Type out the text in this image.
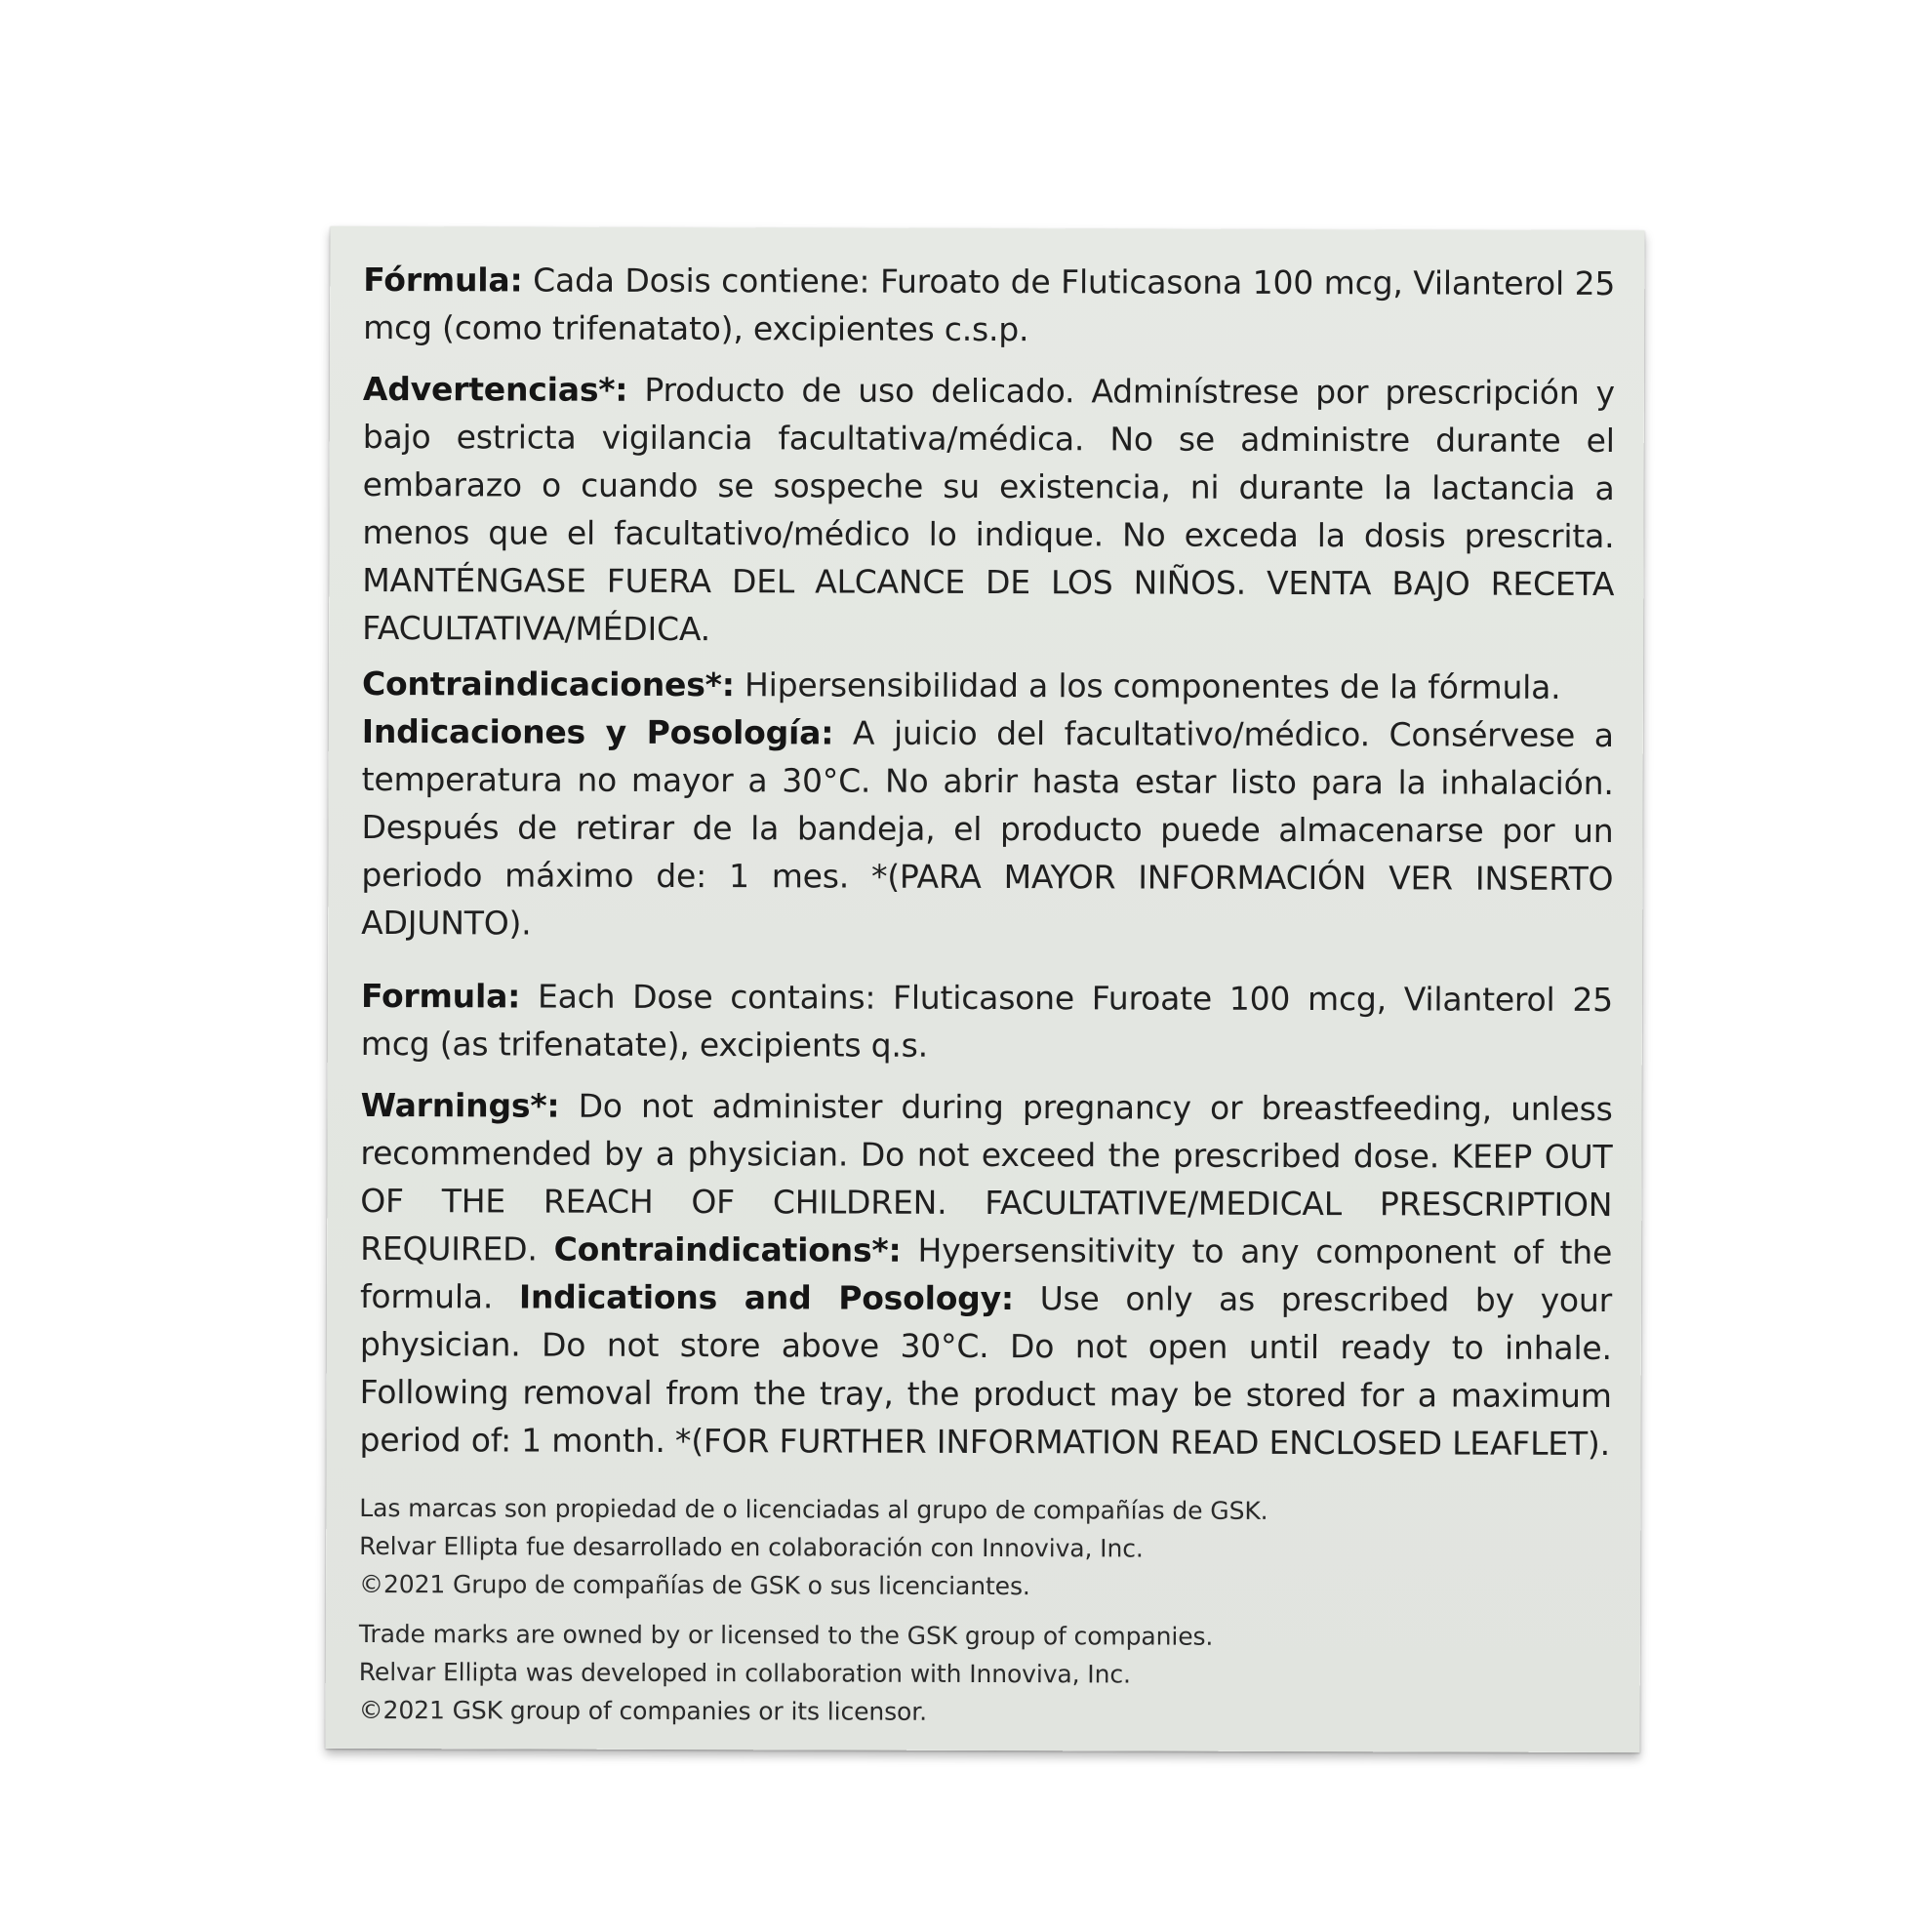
Fórmula: Cada Dosis contiene: Furoato de Fluticasona 100 mcg, Vilanterol 25 mcg (como trifenatato), excipientes c.s.p.

Advertencias*: Producto de uso delicado. Adminístrese por prescripción y bajo estricta vigilancia facultativa/médica. No se administre durante el embarazo o cuando se sospeche su existencia, ni durante la lactancia a menos que el facultativo/médico lo indique. No exceda la dosis prescrita. MANTÉNGASE FUERA DEL ALCANCE DE LOS NIÑOS. VENTA BAJO RECETA FACULTATIVA/MÉDICA.

Contraindicaciones*: Hipersensibilidad a los componentes de la fórmula.

Indicaciones y Posología: A juicio del facultativo/médico. Consérvese a temperatura no mayor a 30°C. No abrir hasta estar listo para la inhalación. Después de retirar de la bandeja, el producto puede almacenarse por un periodo máximo de: 1 mes. *(PARA MAYOR INFORMACIÓN VER INSERTO ADJUNTO).

Formula: Each Dose contains: Fluticasone Furoate 100 mcg, Vilanterol 25 mcg (as trifenatate), excipients q.s.

Warnings*: Do not administer during pregnancy or breastfeeding, unless recommended by a physician. Do not exceed the prescribed dose. KEEP OUT OF THE REACH OF CHILDREN. FACULTATIVE/MEDICAL PRESCRIPTION REQUIRED. Contraindications*: Hypersensitivity to any component of the formula. Indications and Posology: Use only as prescribed by your physician. Do not store above 30°C. Do not open until ready to inhale. Following removal from the tray, the product may be stored for a maximum period of: 1 month. *(FOR FURTHER INFORMATION READ ENCLOSED LEAFLET).

Las marcas son propiedad de o licenciadas al grupo de compañías de GSK.

Relvar Ellipta fue desarrollado en colaboración con Innoviva, Inc.

©2021 Grupo de compañías de GSK o sus licenciantes.

Trade marks are owned by or licensed to the GSK group of companies.

Relvar Ellipta was developed in collaboration with Innoviva, Inc.

©2021 GSK group of companies or its licensor.
